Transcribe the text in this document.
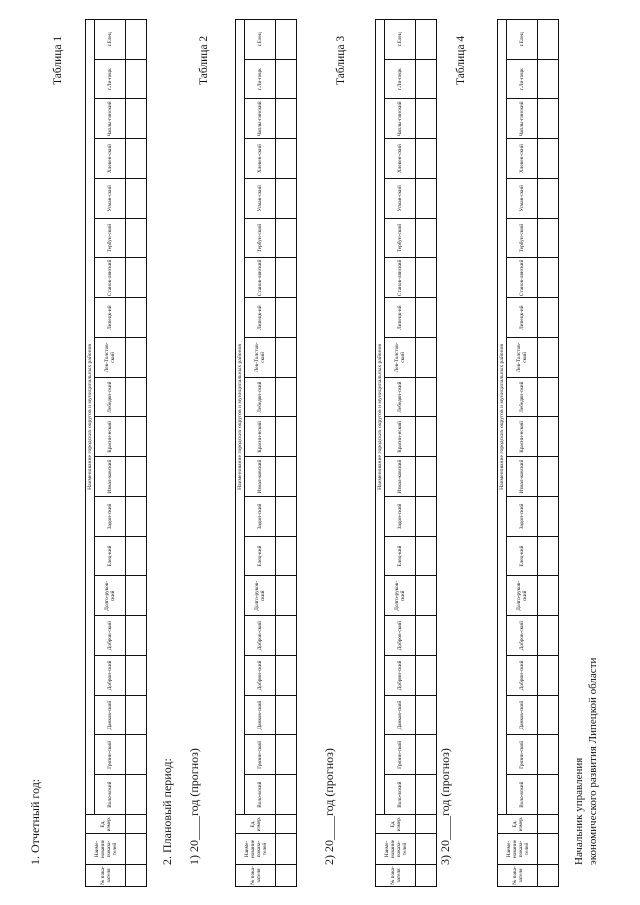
1. Отчетный год:	2. Плановый период: 1) 20____год (прогноз)	2) 20____год (прогноз)	3) 20____год (прогноз)
Таблица 1	Таблица 2	Таблица 3	Таблица 4
Начальник управления экономического развития Липецкой области
№ пока-зателя	Наиме-нование показа-телей	Ед. измер.	Наименование городских округов и муниципальных районов																			
			Воло-вский	Грязин-ский	Данков-ский	Добрин-ский	Добров-ский	Долго-руков-ский	Елец-кий	Задон-ский	Измал-ковский	Красни-нский	Лебедян-ский	Лев-Толстов-ский	Липецк-ий	Станов-лянский	Тербун-ский	Усман-ский	Хлевен-ский	Чаплы-гинский	г.Ли-пецк	г.Елец

№ пока-зателя	Наиме-нование показа-телей	Ед. измер.	Наименование городских округов и муниципальных районов																			
			Воло-вский	Грязин-ский	Данков-ский	Добрин-ский	Добров-ский	Долго-руков-ский	Елец-кий	Задон-ский	Измал-ковский	Красни-нский	Лебедян-ский	Лев-Толстов-ский	Липецк-ий	Станов-лянский	Тербун-ский	Усман-ский	Хлевен-ский	Чаплы-гинский	г.Ли-пецк	г.Елец

№ пока-зателя	Наиме-нование показа-телей	Ед. измер.	Наименование городских округов и муниципальных районов																			
			Воло-вский	Грязин-ский	Данков-ский	Добрин-ский	Добров-ский	Долго-руков-ский	Елец-кий	Задон-ский	Измал-ковский	Красни-нский	Лебедян-ский	Лев-Толстов-ский	Липецк-ий	Станов-лянский	Тербун-ский	Усман-ский	Хлевен-ский	Чаплы-гинский	г.Ли-пецк	г.Елец

№ пока-зателя	Наиме-нование показа-телей	Ед. измер.	Наименование городских округов и муниципальных районов																			
			Воло-вский	Грязин-ский	Данков-ский	Добрин-ский	Добров-ский	Долго-руков-ский	Елец-кий	Задон-ский	Измал-ковский	Красни-нский	Лебедян-ский	Лев-Толстов-ский	Липецк-ий	Станов-лянский	Тербун-ский	Усман-ский	Хлевен-ский	Чаплы-гинский	г.Ли-пецк	г.Елец
